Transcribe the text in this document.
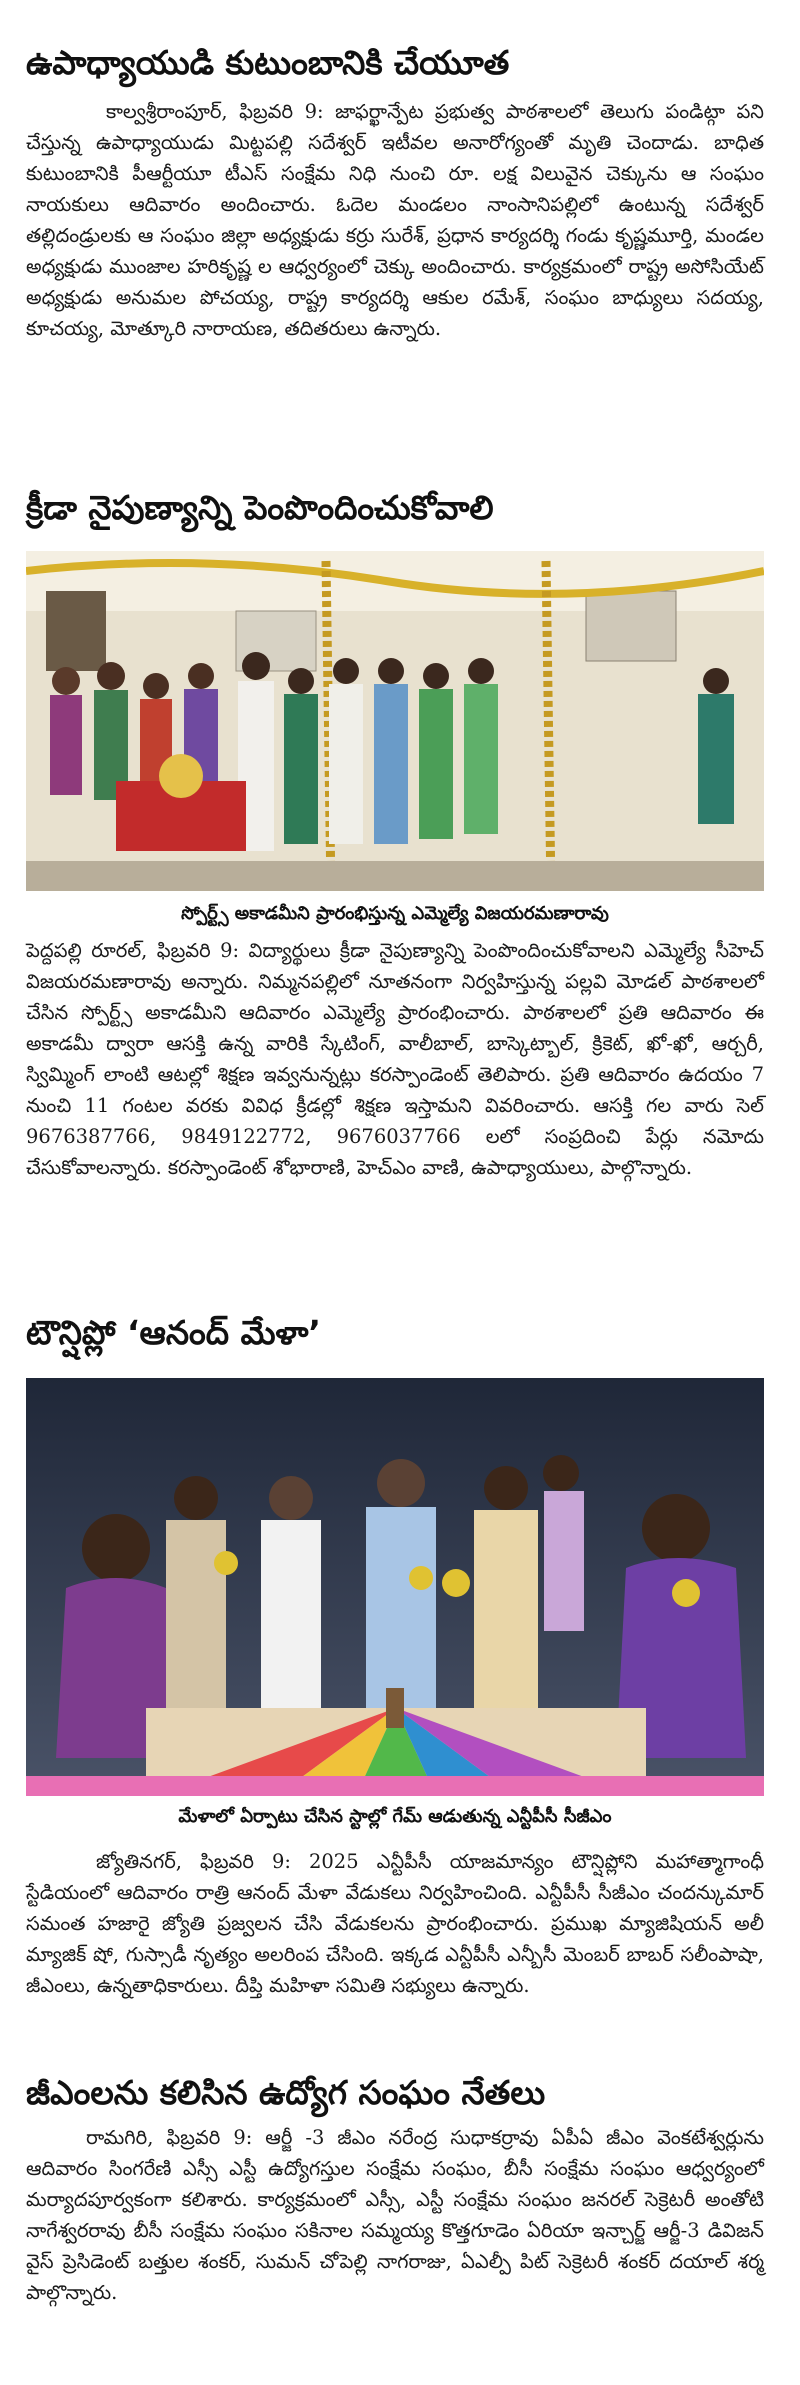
ఉపాధ్యాయుడి కుటుంబానికి చేయూత

కాల్వశ్రీరాంపూర్, ఫిబ్రవరి 9: జాఫర్ఖాన్పేట ప్రభుత్వ పాఠశాలలో తెలుగు పండిట్గా పని చేస్తున్న ఉపాధ్యాయుడు మిట్టపల్లి సదేశ్వర్ ఇటీవల అనారోగ్యంతో మృతి చెందాడు. బాధిత కుటుంబానికి పీఆర్టీయూ టీఎస్ సంక్షేమ నిధి నుంచి రూ. లక్ష విలువైన చెక్కును ఆ సంఘం నాయకులు ఆదివారం అందించారు. ఓదెల మండలం నాంసానిపల్లిలో ఉంటున్న సదేశ్వర్ తల్లిదండ్రులకు ఆ సంఘం జిల్లా అధ్యక్షుడు కర్రు సురేశ్, ప్రధాన కార్యదర్శి గండు కృష్ణమూర్తి, మండల అధ్యక్షుడు ముంజాల హరికృష్ణ ల ఆధ్వర్యంలో చెక్కు అందించారు. కార్యక్రమంలో రాష్ట్ర అసోసియేట్ అధ్యక్షుడు అనుమల పోచయ్య, రాష్ట్ర కార్యదర్శి ఆకుల రమేశ్, సంఘం బాధ్యులు సదయ్య, కూచయ్య, మోత్కూరి నారాయణ, తదితరులు ఉన్నారు.

క్రీడా నైపుణ్యాన్ని పెంపొందించుకోవాలి

స్పోర్ట్స్ అకాడమీని ప్రారంభిస్తున్న ఎమ్మెల్యే విజయరమణారావు

పెద్దపల్లి రూరల్, ఫిబ్రవరి 9: విద్యార్థులు క్రీడా నైపుణ్యాన్ని పెంపొందించుకోవాలని ఎమ్మెల్యే సీహెచ్ విజయరమణారావు అన్నారు. నిమ్మనపల్లిలో నూతనంగా నిర్వహిస్తున్న పల్లవి మోడల్ పాఠశాలలో చేసిన స్పోర్ట్స్ అకాడమీని ఆదివారం ఎమ్మెల్యే ప్రారంభించారు. పాఠశాలలో ప్రతి ఆదివారం ఈ అకాడమీ ద్వారా ఆసక్తి ఉన్న వారికి స్కేటింగ్, వాలీబాల్, బాస్కెట్బాల్, క్రికెట్, ఖో-ఖో, ఆర్చరీ, స్విమ్మింగ్ లాంటి ఆటల్లో శిక్షణ ఇవ్వనున్నట్లు కరస్పాండెంట్ తెలిపారు. ప్రతి ఆదివారం ఉదయం 7 నుంచి 11 గంటల వరకు వివిధ క్రీడల్లో శిక్షణ ఇస్తామని వివరించారు. ఆసక్తి గల వారు సెల్ 9676387766, 9849122772, 9676037766 లలో సంప్రదించి పేర్లు నమోదు చేసుకోవాలన్నారు. కరస్పాండెంట్ శోభారాణి, హెచ్ఎం వాణి, ఉపాధ్యాయులు, పాల్గొన్నారు.

టౌన్షిప్లో ‘ఆనంద్ మేళా’

మేళాలో ఏర్పాటు చేసిన స్టాల్లో గేమ్ ఆడుతున్న ఎన్టీపీసీ సీజీఎం

జ్యోతినగర్, ఫిబ్రవరి 9: 2025 ఎన్టీపీసీ యాజమాన్యం టౌన్షిప్లోని మహాత్మాగాంధీ స్టేడియంలో ఆదివారం రాత్రి ఆనంద్ మేళా వేడుకలు నిర్వహించింది. ఎన్టీపీసీ సీజీఎం చందన్కుమార్ సమంత హజారై జ్యోతి ప్రజ్వలన చేసి వేడుకలను ప్రారంభించారు. ప్రముఖ మ్యాజిషియన్ అలీ మ్యాజిక్ షో, గుస్సాడీ నృత్యం అలరింప చేసింది. ఇక్కడ ఎన్టీపీసీ ఎన్బీసీ మెంబర్ బాబర్ సలీంపాషా, జీఎంలు, ఉన్నతాధికారులు. దీప్తి మహిళా సమితి సభ్యులు ఉన్నారు.

జీఎంలను కలిసిన ఉద్యోగ సంఘం నేతలు

రామగిరి, ఫిబ్రవరి 9: ఆర్జీ -3 జీఎం నరేంద్ర సుధాకర్రావు ఏపీఏ జీఎం వెంకటేశ్వర్లును ఆదివారం సింగరేణి ఎస్సీ ఎస్టీ ఉద్యోగస్తుల సంక్షేమ సంఘం, బీసీ సంక్షేమ సంఘం ఆధ్వర్యంలో మర్యాదపూర్వకంగా కలిశారు. కార్యక్రమంలో ఎస్సీ, ఎస్టీ సంక్షేమ సంఘం జనరల్ సెక్రెటరీ అంతోటి నాగేశ్వరరావు బీసీ సంక్షేమ సంఘం సకినాల సమ్మయ్య కొత్తగూడెం ఏరియా ఇన్చార్జ్ ఆర్జీ-3 డివిజన్ వైస్ ప్రెసిడెంట్ బత్తుల శంకర్, సుమన్ చోపెల్లి నాగరాజు, ఏఎల్పీ పిట్ సెక్రెటరీ శంకర్ దయాల్ శర్మ పాల్గొన్నారు.
